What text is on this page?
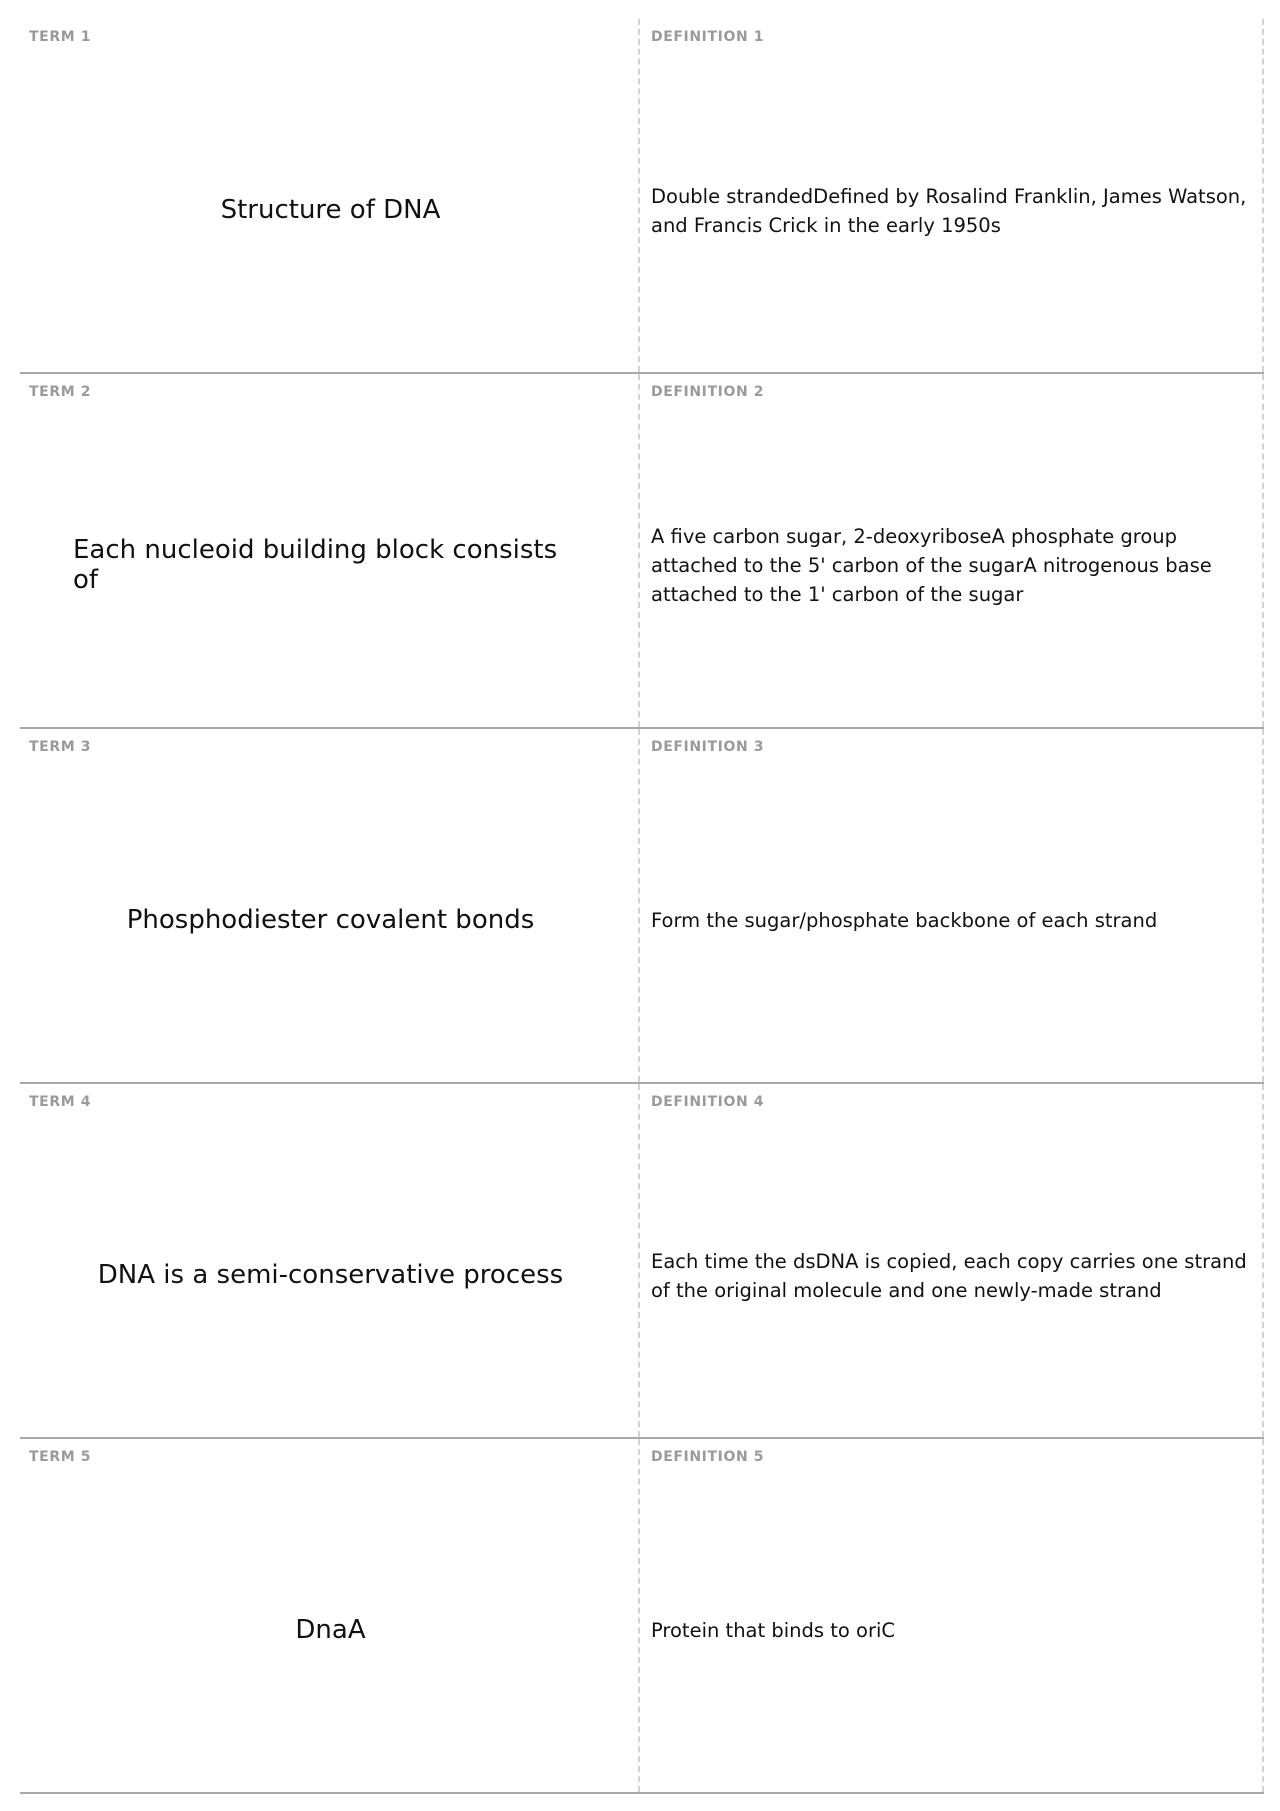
TERM 1
Structure of DNA
DEFINITION 1
Double strandedDefined by Rosalind Franklin, James Watson, and Francis Crick in the early 1950s
TERM 2
Each nucleoid building block consists of
DEFINITION 2
A five carbon sugar, 2-deoxyriboseA phosphate group attached to the 5' carbon of the sugarA nitrogenous base attached to the 1' carbon of the sugar
TERM 3
Phosphodiester covalent bonds
DEFINITION 3
Form the sugar/phosphate backbone of each strand
TERM 4
DNA is a semi-conservative process
DEFINITION 4
Each time the dsDNA is copied, each copy carries one strand of the original molecule and one newly-made strand
TERM 5
DnaA
DEFINITION 5
Protein that binds to oriC
